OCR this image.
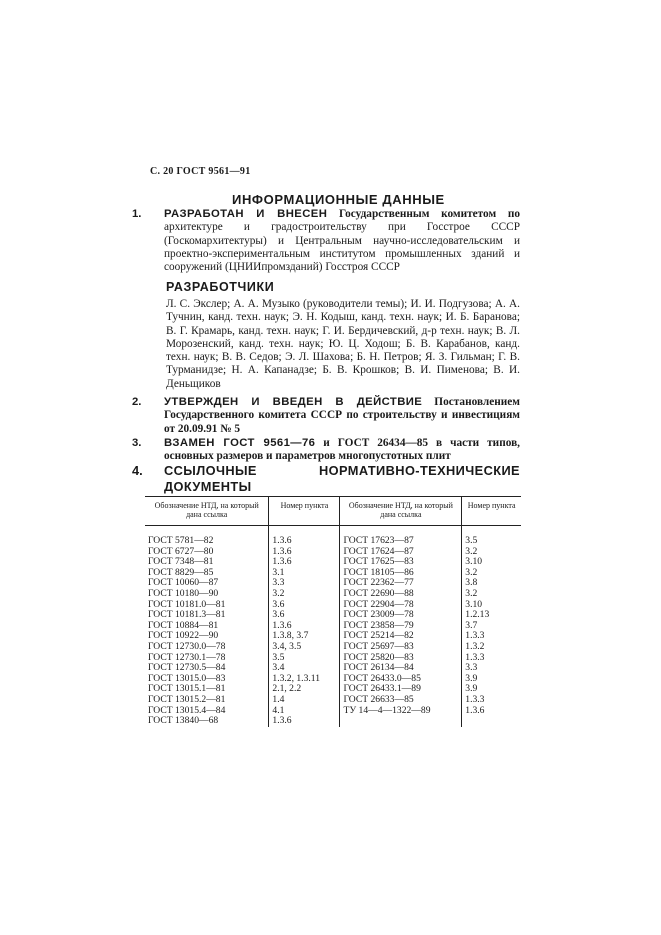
С. 20 ГОСТ 9561—91
ИНФОРМАЦИОННЫЕ ДАННЫЕ
1. РАЗРАБОТАН И ВНЕСЕН Государственным комитетом по архитектуре и градостроительству при Госстрое СССР (Госкомархитектуры) и Центральным научно-исследовательским и проектно-экспериментальным институтом промышленных зданий и сооружений (ЦНИИпромзданий) Госстроя СССР
РАЗРАБОТЧИКИ
Л. С. Экслер; А. А. Музыко (руководители темы); И. И. Подгузова; А. А. Тучнин, канд. техн. наук; Э. Н. Кодыш, канд. техн. наук; И. Б. Баранова; В. Г. Крамарь, канд. техн. наук; Г. И. Бердичевский, д-р техн. наук; В. Л. Морозенский, канд. техн. наук; Ю. Ц. Ходош; Б. В. Карабанов, канд. техн. наук; В. В. Седов; Э. Л. Шахова; Б. Н. Петров; Я. З. Гильман; Г. В. Турманидзе; Н. А. Капанадзе; Б. В. Крошков; В. И. Пименова; В. И. Деньщиков
2. УТВЕРЖДЕН И ВВЕДЕН В ДЕЙСТВИЕ Постановлением Государственного комитета СССР по строительству и инвестициям от 20.09.91 № 5
3. ВЗАМЕН ГОСТ 9561—76 и ГОСТ 26434—85 в части типов, основных размеров и параметров многопустотных плит
4. ССЫЛОЧНЫЕ НОРМАТИВНО-ТЕХНИЧЕСКИЕ ДОКУМЕНТЫ
Обозначение НТД, на который дана ссылка	Номер пункта	Обозначение НТД, на который дана ссылка	Номер пункта
ГОСТ 5781—82	1.3.6	ГОСТ 17623—87	3.5
ГОСТ 6727—80	1.3.6	ГОСТ 17624—87	3.2
ГОСТ 7348—81	1.3.6	ГОСТ 17625—83	3.10
ГОСТ 8829—85	3.1	ГОСТ 18105—86	3.2
ГОСТ 10060—87	3.3	ГОСТ 22362—77	3.8
ГОСТ 10180—90	3.2	ГОСТ 22690—88	3.2
ГОСТ 10181.0—81	3.6	ГОСТ 22904—78	3.10
ГОСТ 10181.3—81	3.6	ГОСТ 23009—78	1.2.13
ГОСТ 10884—81	1.3.6	ГОСТ 23858—79	3.7
ГОСТ 10922—90	1.3.8, 3.7	ГОСТ 25214—82	1.3.3
ГОСТ 12730.0—78	3.4, 3.5	ГОСТ 25697—83	1.3.2
ГОСТ 12730.1—78	3.5	ГОСТ 25820—83	1.3.3
ГОСТ 12730.5—84	3.4	ГОСТ 26134—84	3.3
ГОСТ 13015.0—83	1.3.2, 1.3.11	ГОСТ 26433.0—85	3.9
ГОСТ 13015.1—81	2.1, 2.2	ГОСТ 26433.1—89	3.9
ГОСТ 13015.2—81	1.4	ГОСТ 26633—85	1.3.3
ГОСТ 13015.4—84	4.1	ТУ 14—4—1322—89	1.3.6
ГОСТ 13840—68	1.3.6		
